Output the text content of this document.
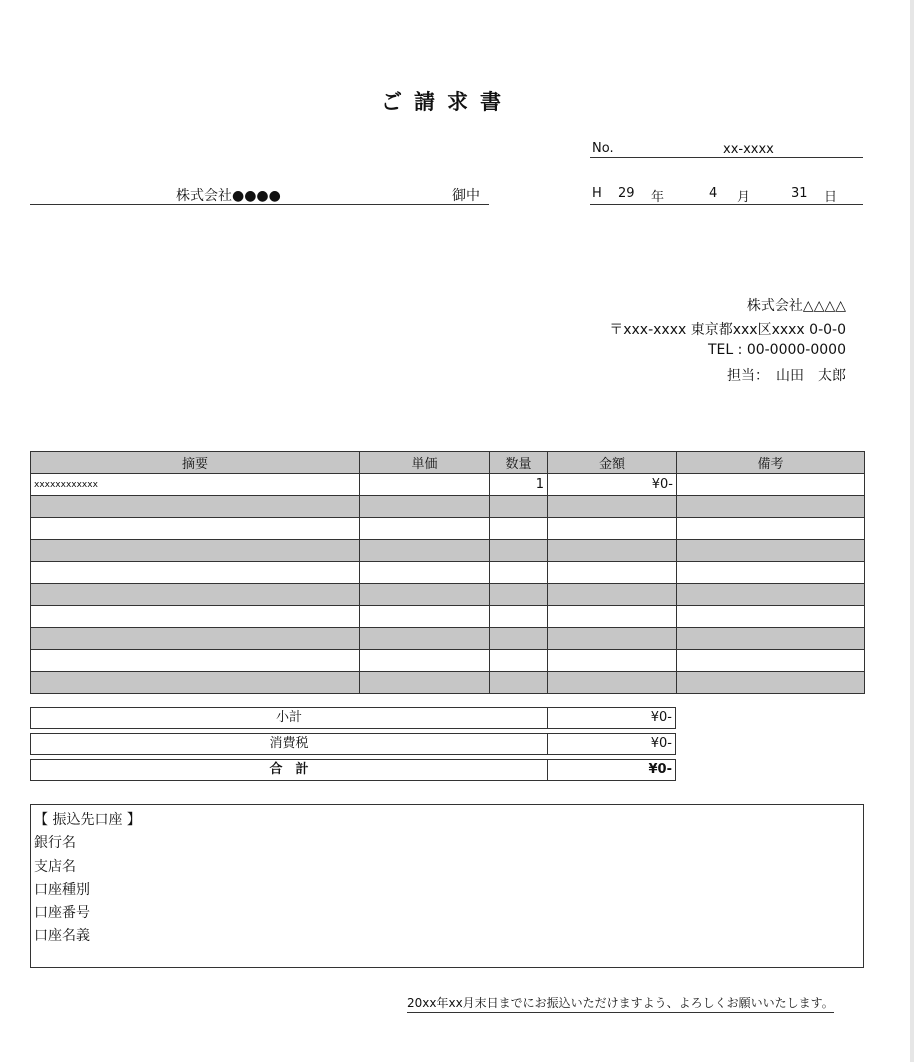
ご請求書
No.	xx-xxxx
株式会社●●●●	御中	H 29 年	4 月	31 日
株式会社△△△△
〒xxx-xxxx 東京都xxx区xxxx 0-0-0
TEL : 00-0000-0000
担当：　山田　太郎
摘要	単価	数量	金額	備考
xxxxxxxxxxxx		1	¥0-	

小計	¥0-
消費税	¥0-
合　計	¥0-
【 振込先口座 】
銀行名
支店名
口座種別
口座番号
口座名義
20xx年xx月末日までにお振込いただけますよう、よろしくお願いいたします。
